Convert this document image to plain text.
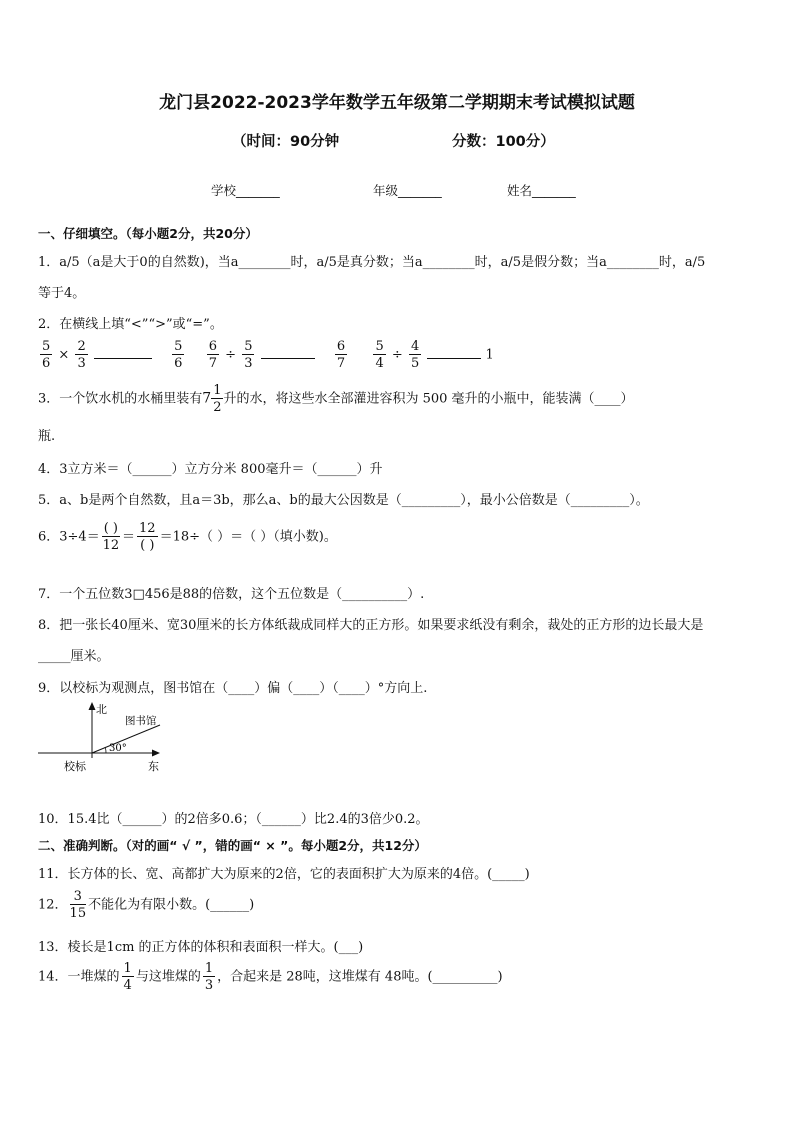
龙门县2022-2023学年数学五年级第二学期期末考试模拟试题
（时间：90分钟	分数：100分）
学校_______	年级_______	姓名_______
一、仔细填空。（每小题2分，共20分）
1．a/5（a是大于0的自然数)，当a________时，a/5是真分数；当a________时，a/5是假分数；当a________时，a/5
等于4。
2．在横线上填“<”“>”或“=”。
$\frac{5}{6} \times \frac{2}{3}$
	$\frac{5}{6}$
$\frac{6}{7} \div \frac{5}{3}$
	$\frac{6}{7}$
$\frac{5}{4} \div \frac{4}{5}$	1
3．一个饮水机的水桶里装有$7 \frac{1}{2}$ 升的水，将这些水全部灌进容积为 500 毫升的小瓶中，能装满（____）
瓶.
4．3立方米＝（______）立方分米 800毫升＝（______）升
5．a、b是两个自然数，且a＝3b，那么a、b的最大公因数是（_________），最小公倍数是（_________）。
6．$3\div 4= \frac{( )}{12} = \frac{12}{( )} =18\div$（ ）＝（ ）（填小数)。
7．一个五位数3□456是88的倍数，这个五位数是（__________）.
8．把一张长40厘米、宽30厘米的长方体纸裁成同样大的正方形。如果要求纸没有剩余，裁处的正方形的边长最大是
_____厘米。
9．以校标为观测点，图书馆在（____）偏（____）（____）°方向上.
北
图书馆
30°
校标	东
10．15.4比（______）的2倍多0.6；（______）比2.4的3倍少0.2。
二、准确判断。（对的画“ √ ”，错的画“ × ”。每小题2分，共12分）
11．长方体的长、宽、高都扩大为原来的2倍，它的表面积扩大为原来的4倍。(_____)
12． $\frac{3}{15}$ 不能化为有限小数。(______)
13．棱长是1cm 的正方体的体积和表面积一样大。(___)
14．一堆煤的 $\frac{1}{4}$ 与这堆煤的 $\frac{1}{3}$ ，合起来是 28吨，这堆煤有 48吨。(__________)
